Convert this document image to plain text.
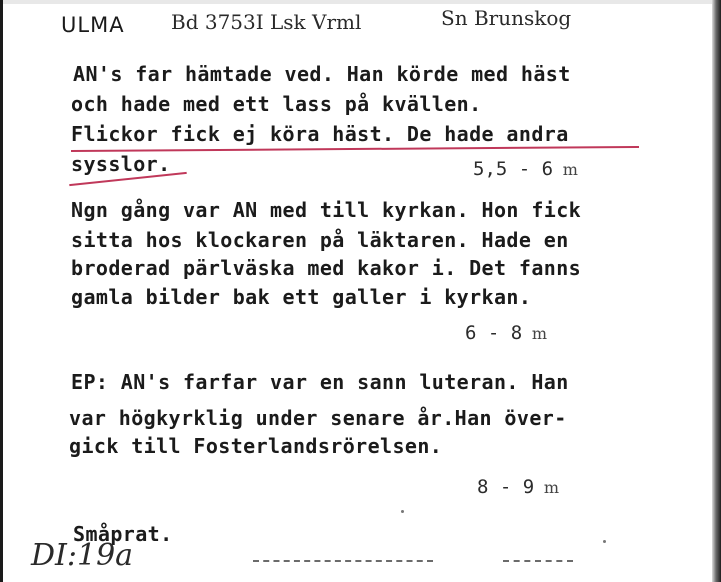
ULMA Bd 3753I Lsk Vrml	Sn Brunskog
AN's far hämtade ved. Han körde med häst
och hade med ett lass på kvällen.
Flickor fick ej köra häst. De hade andra
sysslor.	5,5 - 6 m
Ngn gång var AN med till kyrkan. Hon fick
sitta hos klockaren på läktaren. Hade en
broderad pärlväska med kakor i. Det fanns
gamla bilder bak ett galler i kyrkan.
6 - 8 m
EP: AN's farfar var en sann luteran. Han
var högkyrklig under senare år.Han över-
gick till Fosterlandsrörelsen.
8 - 9 m
Småprat.
DI:19a
